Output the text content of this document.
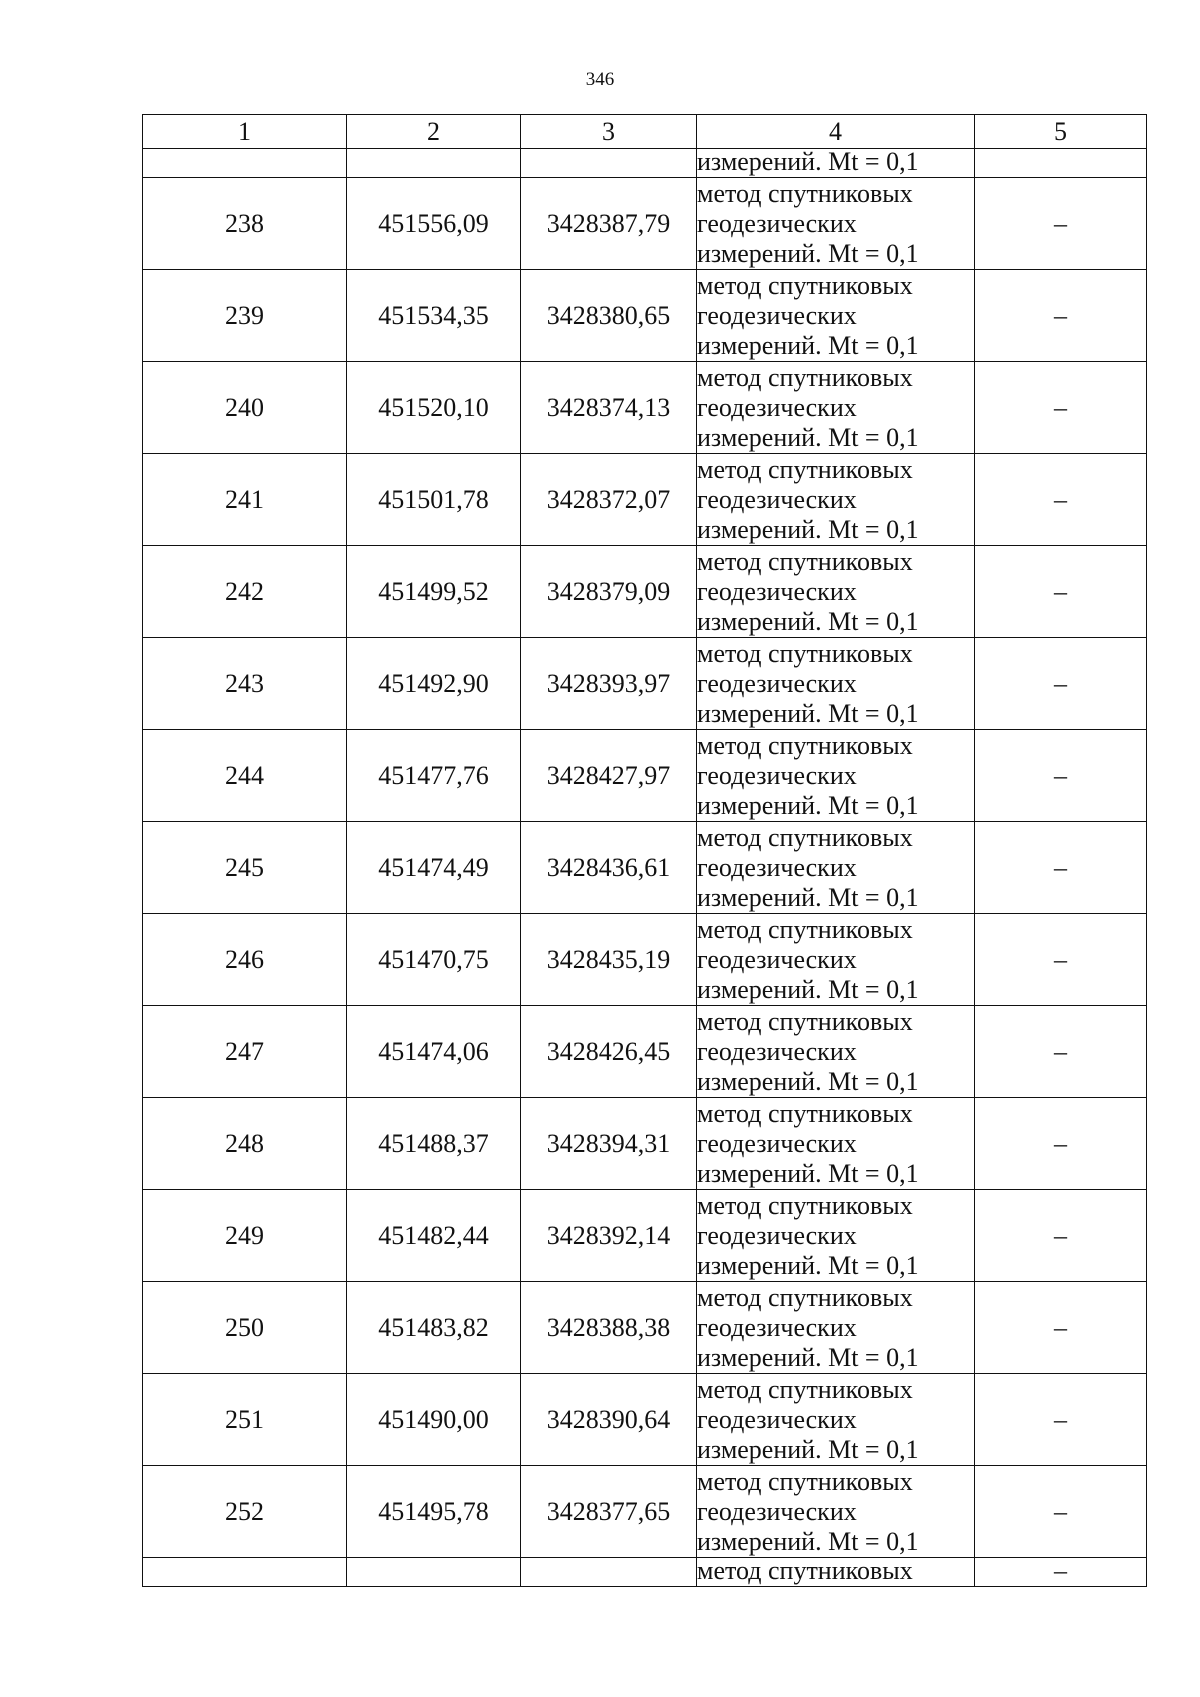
346
1	2	3	4	5
			измерений. Mt = 0,1	
238	451556,09	3428387,79	метод спутниковых
геодезических
измерений. Mt = 0,1	–
239	451534,35	3428380,65	метод спутниковых
геодезических
измерений. Mt = 0,1	–
240	451520,10	3428374,13	метод спутниковых
геодезических
измерений. Mt = 0,1	–
241	451501,78	3428372,07	метод спутниковых
геодезических
измерений. Mt = 0,1	–
242	451499,52	3428379,09	метод спутниковых
геодезических
измерений. Mt = 0,1	–
243	451492,90	3428393,97	метод спутниковых
геодезических
измерений. Mt = 0,1	–
244	451477,76	3428427,97	метод спутниковых
геодезических
измерений. Mt = 0,1	–
245	451474,49	3428436,61	метод спутниковых
геодезических
измерений. Mt = 0,1	–
246	451470,75	3428435,19	метод спутниковых
геодезических
измерений. Mt = 0,1	–
247	451474,06	3428426,45	метод спутниковых
геодезических
измерений. Mt = 0,1	–
248	451488,37	3428394,31	метод спутниковых
геодезических
измерений. Mt = 0,1	–
249	451482,44	3428392,14	метод спутниковых
геодезических
измерений. Mt = 0,1	–
250	451483,82	3428388,38	метод спутниковых
геодезических
измерений. Mt = 0,1	–
251	451490,00	3428390,64	метод спутниковых
геодезических
измерений. Mt = 0,1	–
252	451495,78	3428377,65	метод спутниковых
геодезических
измерений. Mt = 0,1	–
			метод спутниковых	–
